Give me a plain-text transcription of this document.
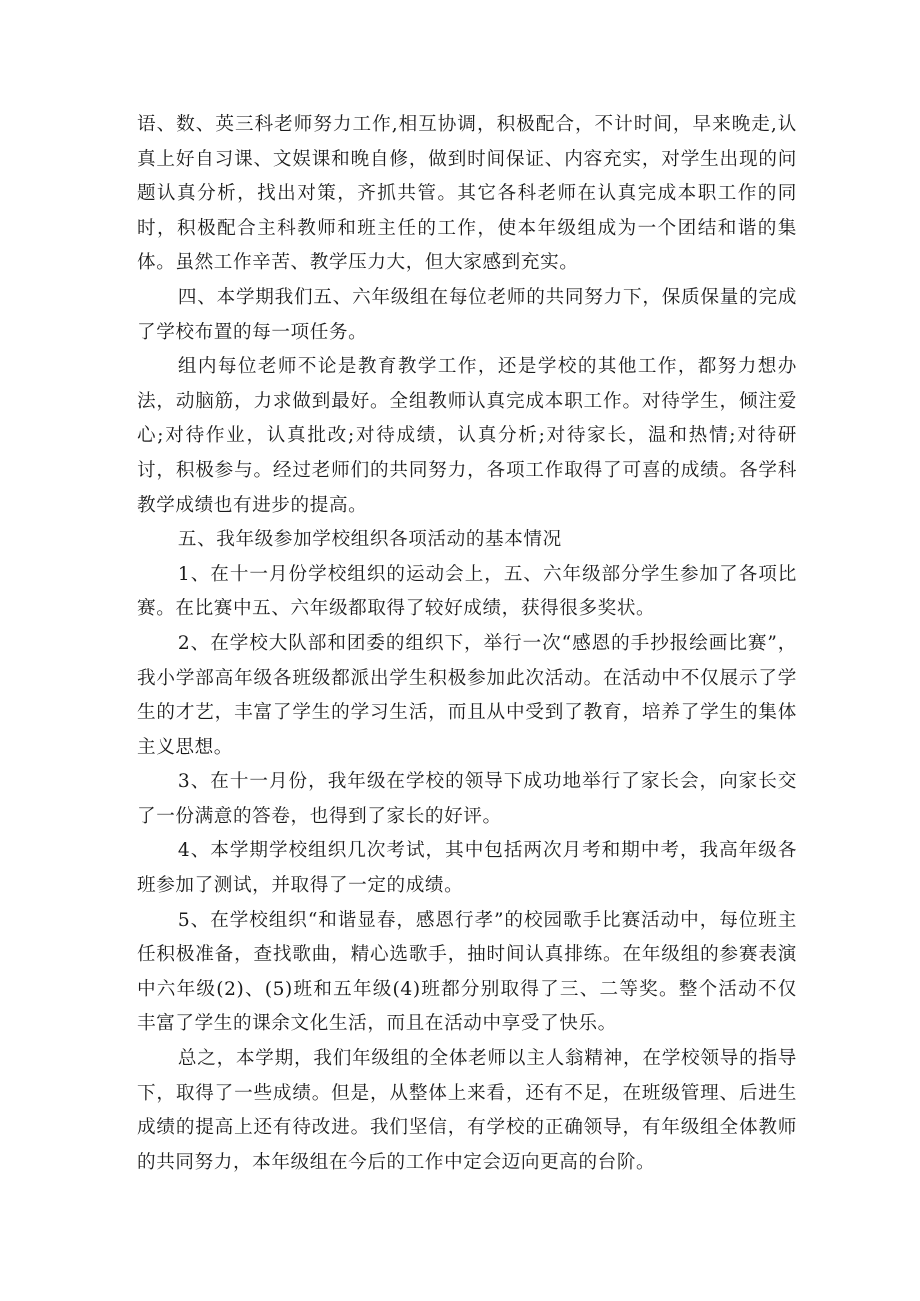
语、数、英三科老师努力工作,相互协调，积极配合，不计时间，早来晚走,认真上好自习课、文娱课和晚自修，做到时间保证、内容充实，对学生出现的问题认真分析，找出对策，齐抓共管。其它各科老师在认真完成本职工作的同时，积极配合主科教师和班主任的工作，使本年级组成为一个团结和谐的集体。虽然工作辛苦、教学压力大，但大家感到充实。

四、本学期我们五、六年级组在每位老师的共同努力下，保质保量的完成了学校布置的每一项任务。

组内每位老师不论是教育教学工作，还是学校的其他工作，都努力想办法，动脑筋，力求做到最好。全组教师认真完成本职工作。对待学生，倾注爱心;对待作业，认真批改;对待成绩，认真分析;对待家长，温和热情;对待研讨，积极参与。经过老师们的共同努力，各项工作取得了可喜的成绩。各学科教学成绩也有进步的提高。

五、我年级参加学校组织各项活动的基本情况

1、在十一月份学校组织的运动会上，五、六年级部分学生参加了各项比赛。在比赛中五、六年级都取得了较好成绩，获得很多奖状。

2、在学校大队部和团委的组织下，举行一次“感恩的手抄报绘画比赛”，我小学部高年级各班级都派出学生积极参加此次活动。在活动中不仅展示了学生的才艺，丰富了学生的学习生活，而且从中受到了教育，培养了学生的集体主义思想。

3、在十一月份，我年级在学校的领导下成功地举行了家长会，向家长交了一份满意的答卷，也得到了家长的好评。

4、本学期学校组织几次考试，其中包括两次月考和期中考，我高年级各班参加了测试，并取得了一定的成绩。

5、在学校组织“和谐显春，感恩行孝”的校园歌手比赛活动中，每位班主任积极准备，查找歌曲，精心选歌手，抽时间认真排练。在年级组的参赛表演中六年级(2)、(5)班和五年级(4)班都分别取得了三、二等奖。整个活动不仅丰富了学生的课余文化生活，而且在活动中享受了快乐。

总之，本学期，我们年级组的全体老师以主人翁精神，在学校领导的指导下，取得了一些成绩。但是，从整体上来看，还有不足，在班级管理、后进生成绩的提高上还有待改进。我们坚信，有学校的正确领导，有年级组全体教师的共同努力，本年级组在今后的工作中定会迈向更高的台阶。
